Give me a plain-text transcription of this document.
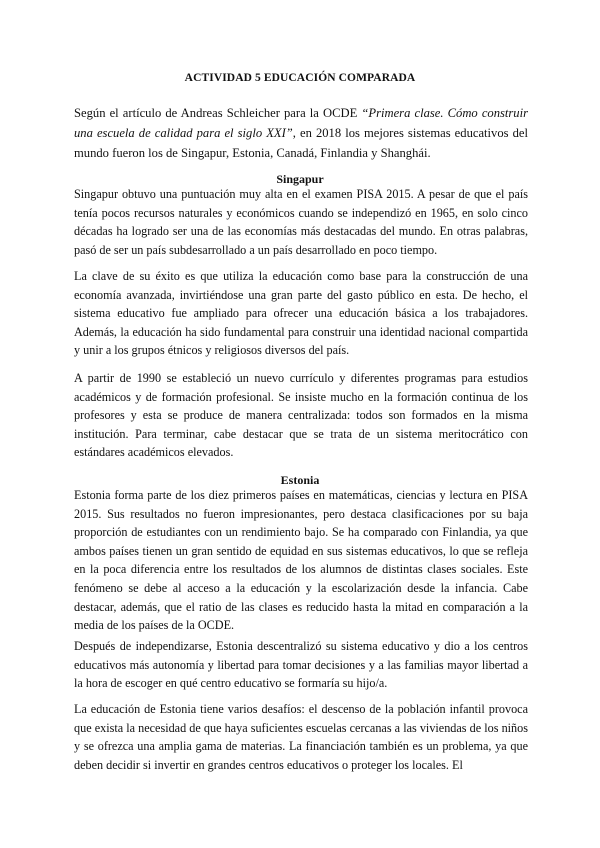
ACTIVIDAD 5 EDUCACIÓN COMPARADA
Según el artículo de Andreas Schleicher para la OCDE “Primera clase. Cómo construir una escuela de calidad para el siglo XXI”, en 2018 los mejores sistemas educativos del mundo fueron los de Singapur, Estonia, Canadá, Finlandia y Shanghái.
Singapur
Singapur obtuvo una puntuación muy alta en el examen PISA 2015. A pesar de que el país tenía pocos recursos naturales y económicos cuando se independizó en 1965, en solo cinco décadas ha logrado ser una de las economías más destacadas del mundo. En otras palabras, pasó de ser un país subdesarrollado a un país desarrollado en poco tiempo.
La clave de su éxito es que utiliza la educación como base para la construcción de una economía avanzada, invirtiéndose una gran parte del gasto público en esta. De hecho, el sistema educativo fue ampliado para ofrecer una educación básica a los trabajadores. Además, la educación ha sido fundamental para construir una identidad nacional compartida y unir a los grupos étnicos y religiosos diversos del país.
A partir de 1990 se estableció un nuevo currículo y diferentes programas para estudios académicos y de formación profesional. Se insiste mucho en la formación continua de los profesores y esta se produce de manera centralizada: todos son formados en la misma institución. Para terminar, cabe destacar que se trata de un sistema meritocrático con estándares académicos elevados.
Estonia
Estonia forma parte de los diez primeros países en matemáticas, ciencias y lectura en PISA 2015. Sus resultados no fueron impresionantes, pero destaca clasificaciones por su baja proporción de estudiantes con un rendimiento bajo. Se ha comparado con Finlandia, ya que ambos países tienen un gran sentido de equidad en sus sistemas educativos, lo que se refleja en la poca diferencia entre los resultados de los alumnos de distintas clases sociales. Este fenómeno se debe al acceso a la educación y la escolarización desde la infancia. Cabe destacar, además, que el ratio de las clases es reducido hasta la mitad en comparación a la media de los países de la OCDE.
Después de independizarse, Estonia descentralizó su sistema educativo y dio a los centros educativos más autonomía y libertad para tomar decisiones y a las familias mayor libertad a la hora de escoger en qué centro educativo se formaría su hijo/a.
La educación de Estonia tiene varios desafíos: el descenso de la población infantil provoca que exista la necesidad de que haya suficientes escuelas cercanas a las viviendas de los niños y se ofrezca una amplia gama de materias. La financiación también es un problema, ya que deben decidir si invertir en grandes centros educativos o proteger los locales. El
